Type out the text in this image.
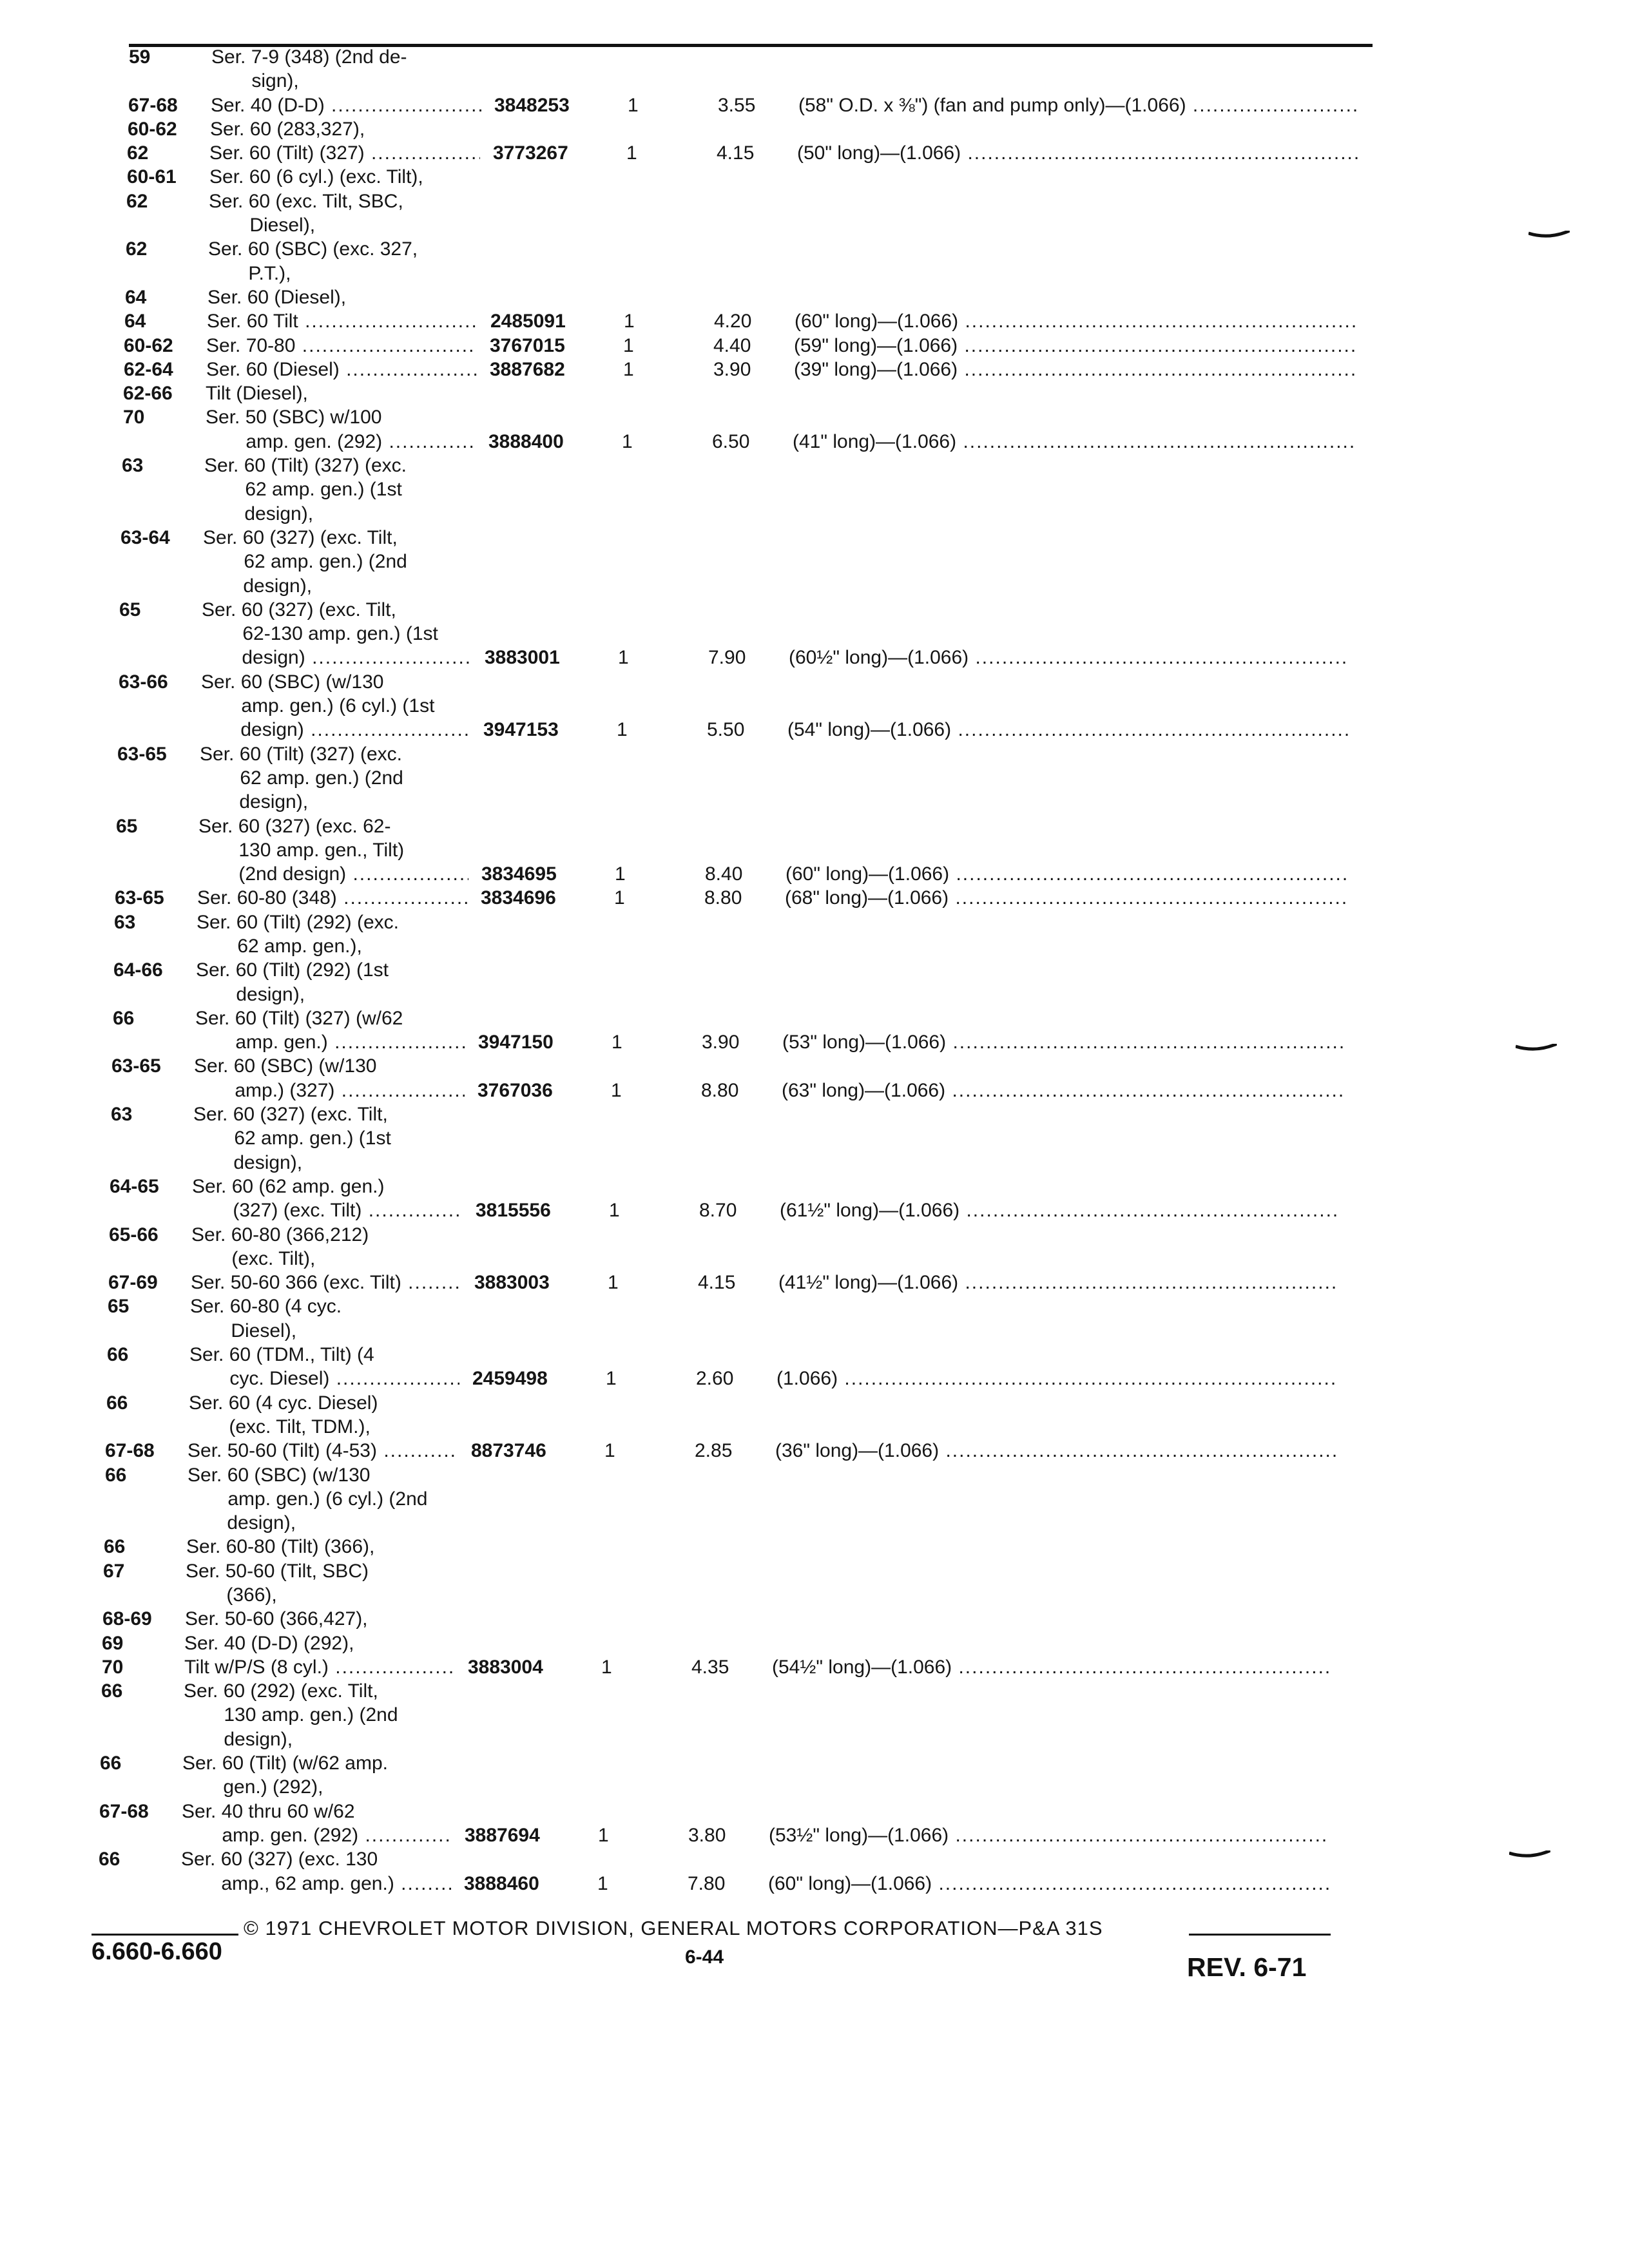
59	Ser. 7-9 (348) (2nd de-
sign),
67-68 Ser. 40 (D-D) .....	3848253	1	3.55 (58" O.D. x ⅜") (fan and pump only)—(1.066) .....
60-62 Ser. 60 (283,327),
62	Ser. 60 (Tilt) (327) .....	3773267	1	4.15 (50" long)—(1.066) .....
60-61 Ser. 60 (6 cyl.) (exc. Tilt),
62	Ser. 60 (exc. Tilt, SBC,
Diesel),
62	Ser. 60 (SBC) (exc. 327,
P.T.),
64	Ser. 60 (Diesel),
64	Ser. 60 Tilt .....	2485091	1	4.20 (60" long)—(1.066) .....
60-62 Ser. 70-80 .....	3767015	1	4.40 (59" long)—(1.066) .....
62-64 Ser. 60 (Diesel) .....	3887682	1	3.90 (39" long)—(1.066) .....
62-66 Tilt (Diesel),
70	Ser. 50 (SBC) w/100
amp. gen. (292) .....	3888400	1	6.50 (41" long)—(1.066) .....
63	Ser. 60 (Tilt) (327) (exc.
62 amp. gen.) (1st
design),
63-64 Ser. 60 (327) (exc. Tilt,
62 amp. gen.) (2nd
design),
65	Ser. 60 (327) (exc. Tilt,
62-130 amp. gen.) (1st
design) .....	3883001	1	7.90 (60½" long)—(1.066) .....
63-66 Ser. 60 (SBC) (w/130
amp. gen.) (6 cyl.) (1st
design) .....	3947153	1	5.50 (54" long)—(1.066) .....
63-65 Ser. 60 (Tilt) (327) (exc.
62 amp. gen.) (2nd
design),
65	Ser. 60 (327) (exc. 62-
130 amp. gen., Tilt)
(2nd design) .....	3834695	1	8.40 (60" long)—(1.066) .....
63-65 Ser. 60-80 (348) .....	3834696	1	8.80 (68" long)—(1.066) .....
63	Ser. 60 (Tilt) (292) (exc.
62 amp. gen.),
64-66 Ser. 60 (Tilt) (292) (1st
design),
66	Ser. 60 (Tilt) (327) (w/62
amp. gen.) .....	3947150	1	3.90 (53" long)—(1.066) .....
63-65 Ser. 60 (SBC) (w/130
amp.) (327) .....	3767036	1	8.80 (63" long)—(1.066) .....
63	Ser. 60 (327) (exc. Tilt,
62 amp. gen.) (1st
design),
64-65 Ser. 60 (62 amp. gen.)
(327) (exc. Tilt) .....	3815556	1	8.70 (61½" long)—(1.066) .....
65-66 Ser. 60-80 (366,212)
(exc. Tilt),
67-69 Ser. 50-60 366 (exc. Tilt) .....	3883003	1	4.15 (41½" long)—(1.066) .....
65	Ser. 60-80 (4 cyc.
Diesel),
66	Ser. 60 (TDM., Tilt) (4
cyc. Diesel) .....	2459498	1	2.60 (1.066) .....
66	Ser. 60 (4 cyc. Diesel)
(exc. Tilt, TDM.),
67-68 Ser. 50-60 (Tilt) (4-53) .....	8873746	1	2.85 (36" long)—(1.066) .....
66	Ser. 60 (SBC) (w/130
amp. gen.) (6 cyl.) (2nd
design),
66	Ser. 60-80 (Tilt) (366),
67	Ser. 50-60 (Tilt, SBC)
(366),
68-69 Ser. 50-60 (366,427),
69	Ser. 40 (D-D) (292),
70	Tilt w/P/S (8 cyl.) .....	3883004	1	4.35 (54½" long)—(1.066) .....
66	Ser. 60 (292) (exc. Tilt,
130 amp. gen.) (2nd
design),
66	Ser. 60 (Tilt) (w/62 amp.
gen.) (292),
67-68 Ser. 40 thru 60 w/62
amp. gen. (292) .....	3887694	1	3.80 (53½" long)—(1.066) .....
66	Ser. 60 (327) (exc. 130
amp., 62 amp. gen.) .....	3888460	1	7.80 (60" long)—(1.066) .....
© 1971 CHEVROLET MOTOR DIVISION, GENERAL MOTORS CORPORATION—P&A 31S
6.660-6.660	6-44	REV. 6-71
